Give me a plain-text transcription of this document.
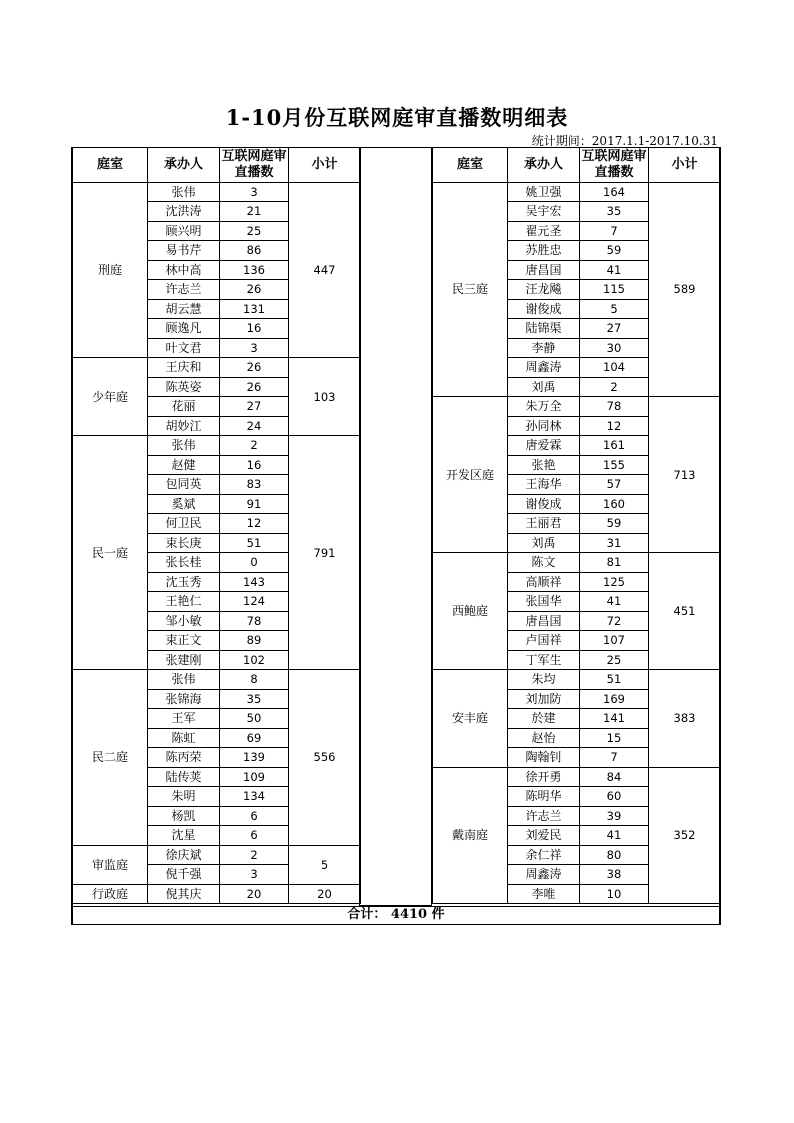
1-10月份互联网庭审直播数明细表
统计期间：2017.1.1-2017.10.31
庭室	承办人	互联网庭审直播数	小计
刑庭	张伟	3	447
	沈洪涛	21	
	顾兴明	25	
	易书芹	86	
	林中高	136	
	许志兰	26	
	胡云慧	131	
	顾逸凡	16	
	叶文君	3	
少年庭	王庆和	26	103
	陈英姿	26	
	花丽	27	
	胡妙江	24	
民一庭	张伟	2	791
	赵健	16	
	包同英	83	
	奚斌	91	
	何卫民	12	
	束长庚	51	
	张长桂	0	
	沈玉秀	143	
	王艳仁	124	
	邹小敏	78	
	束正文	89	
	张建刚	102	
民二庭	张伟	8	556
	张锦海	35	
	王军	50	
	陈虹	69	
	陈丙荣	139	
	陆传荚	109	
	朱明	134	
	杨凯	6	
	沈星	6	
审监庭	徐庆斌	2	5
	倪千强	3	
行政庭	倪其庆	20	20
庭室	承办人	互联网庭审直播数	小计
民三庭	姚卫强	164	589
	吴宇宏	35	
	翟元圣	7	
	苏胜忠	59	
	唐昌国	41	
	汪龙飚	115	
	谢俊成	5	
	陆锦渠	27	
	李静	30	
	周鑫涛	104	
	刘禹	2	
开发区庭	朱万全	78	713
	孙同林	12	
	唐爱霖	161	
	张艳	155	
	王海华	57	
	谢俊成	160	
	王丽君	59	
	刘禹	31	
西鲍庭	陈文	81	451
	高顺祥	125	
	张国华	41	
	唐昌国	72	
	卢国祥	107	
	丁军生	25	
安丰庭	朱均	51	383
	刘加防	169	
	於建	141	
	赵怡	15	
	陶翰钊	7	
戴南庭	徐开勇	84	352
	陈明华	60	
	许志兰	39	
	刘爱民	41	
	余仁祥	80	
	周鑫涛	38	
	李唯	10	
合计： 4410 件
